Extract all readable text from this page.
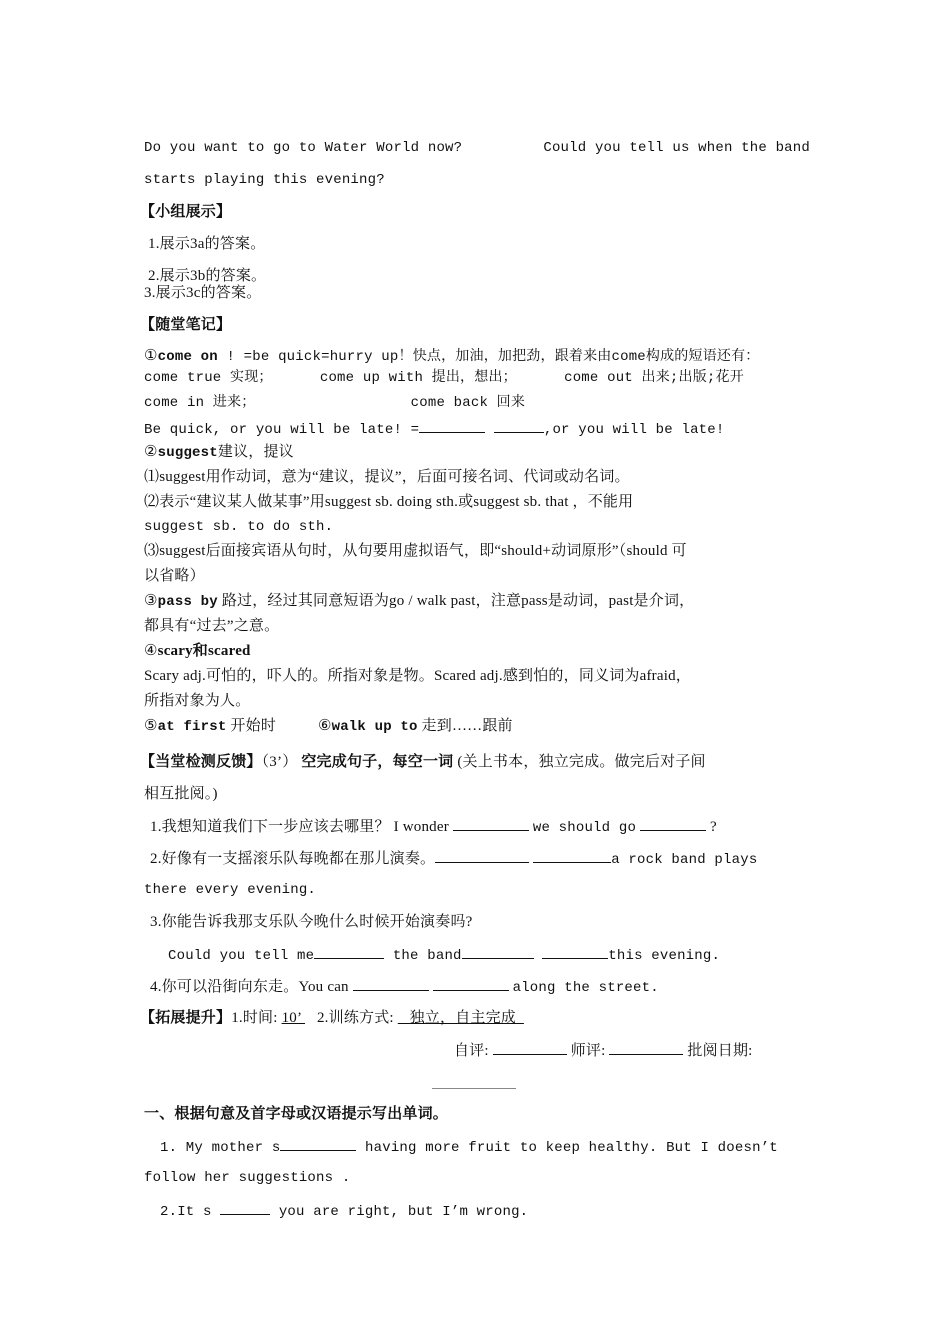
Do you want to go to Water World now?	Could you tell us when the band
starts playing this evening?
【小组展示】
1.展示3a的答案。
2.展示3b的答案。
3.展示3c的答案。
【随堂笔记】
①come on ! =be quick=hurry up！快点，加油，加把劲，跟着来由come构成的短语还有：
come true 实现；	come up with 提出，想出；	come out 出来;出版;花开
come in 进来；	come back 回来
Be quick, or you will be late! =	,or you will be late!
②suggest建议，提议
⑴suggest用作动词，意为“建议，提议”，后面可接名词、代词或动名词。
⑵表示“建议某人做某事”用suggest sb. doing sth.或suggest sb. that ，不能用
suggest sb. to do sth.
⑶suggest后面接宾语从句时，从句要用虚拟语气，即“should+动词原形”（should 可
以省略）
③pass by 路过，经过其同意短语为go / walk past，注意pass是动词，past是介词，
都具有“过去”之意。
④scary和scared
Scary adj.可怕的，吓人的。所指对象是物。Scared adj.感到怕的，同义词为afraid，
所指对象为人。
⑤at first 开始时	⑥walk up to 走到……跟前
【当堂检测反馈】（3’） 空完成句子，每空一词 (关上书本，独立完成。做完后对子间
相互批阅。)
1.我想知道我们下一步应该去哪里？ I wonder	we should go	?
2.好像有一支摇滚乐队每晚都在那儿演奏。	a rock band plays
there every evening.
3.你能告诉我那支乐队今晚什么时候开始演奏吗?
Could you tell me	the band	this evening.
4.你可以沿街向东走。You can	along the street.
【拓展提升】1.时间: 10’  2.训练方式:    独立，自主完成
自评:	师评:	批阅日期:
一、根据句意及首字母或汉语提示写出单词。
1. My mother s	having more fruit to keep healthy. But I doesn’t
follow her suggestions .
2.It s	you are right, but I’m wrong.
